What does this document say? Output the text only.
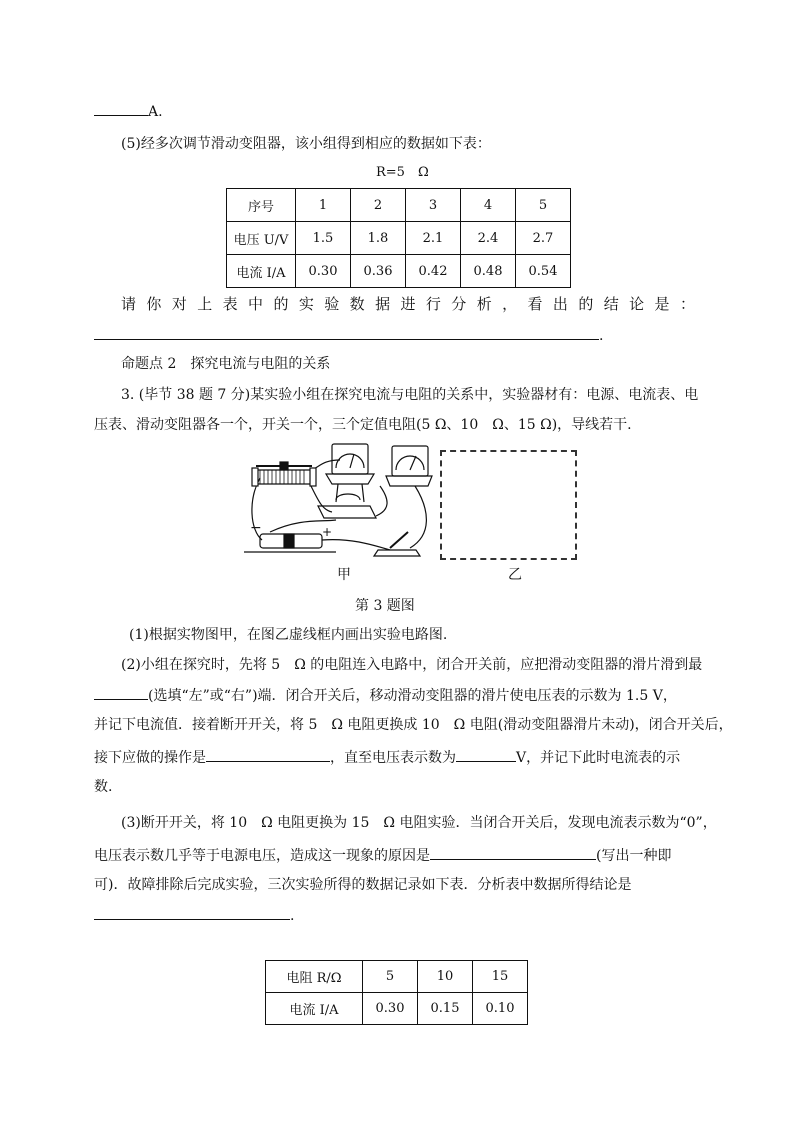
A.
(5)经多次调节滑动变阻器，该小组得到相应的数据如下表：
R=5　Ω
序号	1	2	3	4	5
电压 U/V	1.5	1.8	2.1	2.4	2.7
电流 I/A	0.30	0.36	0.42	0.48	0.54
请 你 对 上 表 中 的 实 验 数 据 进 行 分 析 ， 看 出 的 结 论 是 ：
.
命题点 2　探究电流与电阻的关系
3. (毕节 38 题 7 分)某实验小组在探究电流与电阻的关系中，实验器材有：电源、电流表、电
压表、滑动变阻器各一个，开关一个，三个定值电阻(5 Ω、10　Ω、15 Ω)，导线若干.
−	+
甲	乙
第 3 题图
(1)根据实物图甲，在图乙虚线框内画出实验电路图.
(2)小组在探究时，先将 5　Ω 的电阻连入电路中，闭合开关前，应把滑动变阻器的滑片滑到最
(选填“左”或“右”)端．闭合开关后，移动滑动变阻器的滑片使电压表的示数为 1.5 V，
并记下电流值．接着断开开关，将 5　Ω 电阻更换成 10　Ω 电阻(滑动变阻器滑片未动)，闭合开关后，
接下应做的操作是	，直至电压表示数为	V，并记下此时电流表的示
数.
(3)断开开关，将 10　Ω 电阻更换为 15　Ω 电阻实验．当闭合开关后，发现电流表示数为“0”，
电压表示数几乎等于电源电压，造成这一现象的原因是	(写出一种即
可)．故障排除后完成实验，三次实验所得的数据记录如下表．分析表中数据所得结论是
.
电阻 R/Ω	5	10	15
电流 I/A	0.30	0.15	0.10
